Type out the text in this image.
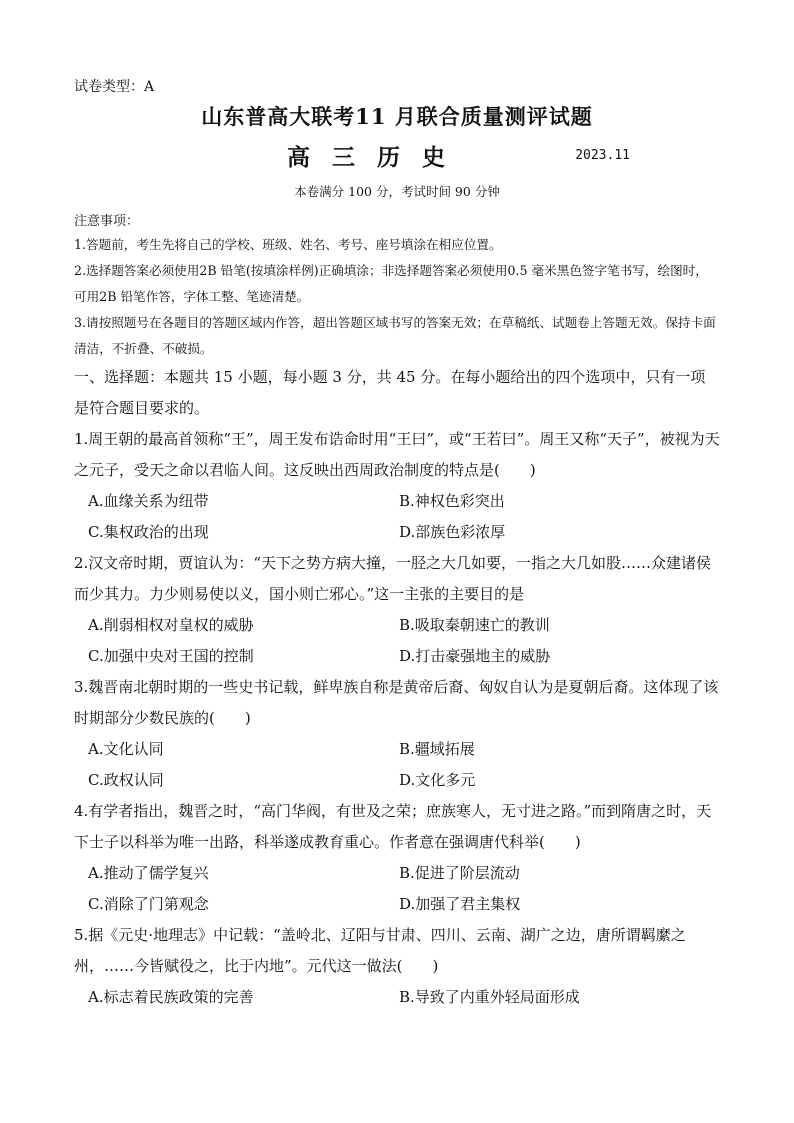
试卷类型：A
山东普高大联考11 月联合质量测评试题
高三历史	2023.11
本卷满分 100 分，考试时间 90 分钟
注意事项：
1.答题前，考生先将自己的学校、班级、姓名、考号、座号填涂在相应位置。
2.选择题答案必须使用2B 铅笔(按填涂样例)正确填涂；非选择题答案必须使用0.5 毫米黑色签字笔书写，绘图时，可用2B 铅笔作答，字体工整、笔迹清楚。
3.请按照题号在各题目的答题区域内作答，超出答题区域书写的答案无效；在草稿纸、试题卷上答题无效。保持卡面清洁，不折叠、不破损。
一、选择题：本题共 15 小题，每小题 3 分，共 45 分。在每小题给出的四个选项中，只有一项是符合题目要求的。
1.周王朝的最高首领称“王”，周王发布诰命时用“王曰”，或“王若曰”。周王又称“天子”，被视为天之元子，受天之命以君临人间。这反映出西周政治制度的特点是(　　)
A.血缘关系为纽带	B.神权色彩突出
C.集权政治的出现	D.部族色彩浓厚
2.汉文帝时期，贾谊认为：“天下之势方病大撞，一胫之大几如要，一指之大几如股……众建诸侯而少其力。力少则易使以义，国小则亡邪心。”这一主张的主要目的是
A.削弱相权对皇权的威胁	B.吸取秦朝速亡的教训
C.加强中央对王国的控制	D.打击豪强地主的威胁
3.魏晋南北朝时期的一些史书记载，鲜卑族自称是黄帝后裔、匈奴自认为是夏朝后裔。这体现了该时期部分少数民族的(　　)
A.文化认同	B.疆域拓展
C.政权认同	D.文化多元
4.有学者指出，魏晋之时，“高门华阀，有世及之荣；庶族寒人，无寸进之路。”而到隋唐之时，天下士子以科举为唯一出路，科举遂成教育重心。作者意在强调唐代科举(　　)
A.推动了儒学复兴	B.促进了阶层流动
C.消除了门第观念	D.加强了君主集权
5.据《元史·地理志》中记载：“盖岭北、辽阳与甘肃、四川、云南、湖广之边，唐所谓羁縻之州，……今皆赋役之，比于内地”。元代这一做法(　　)
A.标志着民族政策的完善	B.导致了内重外轻局面形成
